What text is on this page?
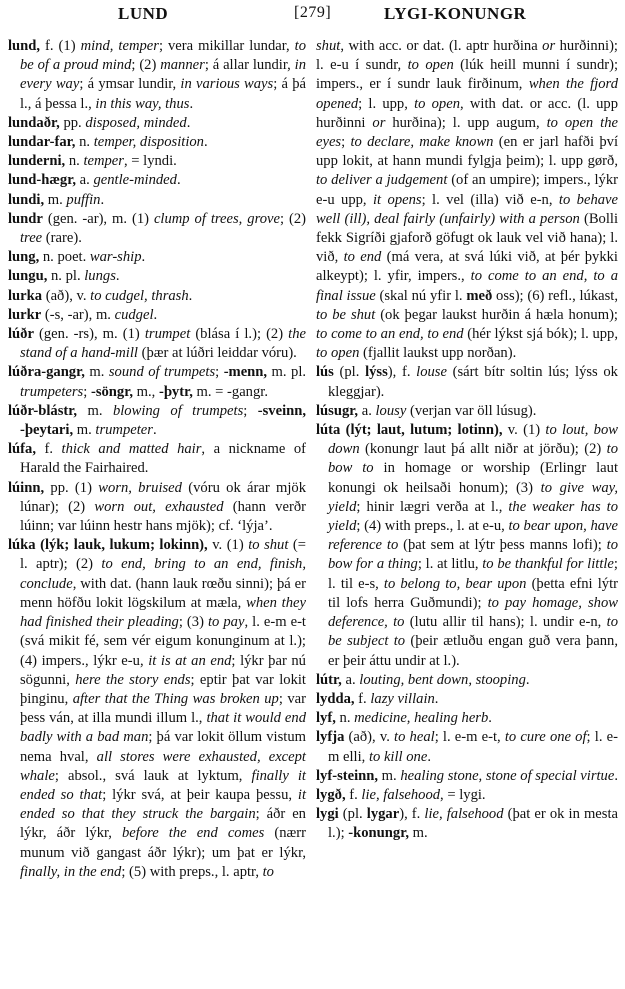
LUND	[279]	LYGI-KONUNGR

lund, f. (1) mind, temper; vera mikillar lundar, to be of a proud mind; (2) manner; á allar lundir, in every way; á ymsar lundir, in various ways; á þá l., á þessa l., in this way, thus.

lundaðr, pp. disposed, minded.

lundar-far, n. temper, disposition.

lunderni, n. temper, = lyndi.

lund-hægr, a. gentle-minded.

lundi, m. puffin.

lundr (gen. -ar), m. (1) clump of trees, grove; (2) tree (rare).

lung, n. poet. war-ship.

lungu, n. pl. lungs.

lurka (að), v. to cudgel, thrash.

lurkr (-s, -ar), m. cudgel.

lúðr (gen. -rs), m. (1) trumpet (blása í l.); (2) the stand of a hand-mill (þær at lúðri leiddar vóru).

lúðra-gangr, m. sound of trumpets; -menn, m. pl. trumpeters; -söngr, m., -þytr, m. = -gangr.

lúðr-blástr, m. blowing of trumpets; -sveinn, -þeytari, m. trumpeter.

lúfa, f. thick and matted hair, a nickname of Harald the Fairhaired.

lúinn, pp. (1) worn, bruised (vóru ok árar mjök lúnar); (2) worn out, exhausted (hann verðr lúinn; var lúinn hestr hans mjök); cf. ‘lýja’.

lúka (lýk; lauk, lukum; lokinn), v. (1) to shut (= l. aptr); (2) to end, bring to an end, finish, conclude, with dat. (hann lauk rœðu sinni); þá er menn höfðu lokit lögskilum at mæla, when they had finished their pleading; (3) to pay, l. e-m e-t (svá mikit fé, sem vér eigum konunginum at l.); (4) impers., lýkr e-u, it is at an end; lýkr þar nú sögunni, here the story ends; eptir þat var lokit þinginu, after that the Thing was broken up; var þess ván, at illa mundi illum l., that it would end badly with a bad man; þá var lokit öllum vistum nema hval, all stores were exhausted, except whale; absol., svá lauk at lyktum, finally it ended so that; lýkr svá, at þeir kaupa þessu, it ended so that they struck the bargain; áðr en lýkr, áðr lýkr, before the end comes (nærr munum við gangast áðr lýkr); um þat er lýkr, finally, in the end; (5) with preps., l. aptr, to

shut, with acc. or dat. (l. aptr hurðina or hurðinni); l. e-u í sundr, to open (lúk heill munni í sundr); impers., er í sundr lauk firðinum, when the fjord opened; l. upp, to open, with dat. or acc. (l. upp hurðinni or hurðina); l. upp augum, to open the eyes; to declare, make known (en er jarl hafði því upp lokit, at hann mundi fylgja þeim); l. upp gørð, to deliver a judgement (of an umpire); impers., lýkr e-u upp, it opens; l. vel (illa) við e-n, to behave well (ill), deal fairly (unfairly) with a person (Bolli fekk Sigríði gjaforð göfugt ok lauk vel við hana); l. við, to end (má vera, at svá lúki við, at þér þykki alkeypt); l. yfir, impers., to come to an end, to a final issue (skal nú yfir l. með oss); (6) refl., lúkast, to be shut (ok þegar laukst hurðin á hæla honum); to come to an end, to end (hér lýkst sjá bók); l. upp, to open (fjallit laukst upp norðan).

lús (pl. lýss), f. louse (sárt bítr soltin lús; lýss ok kleggjar).

lúsugr, a. lousy (verjan var öll lúsug).

lúta (lýt; laut, lutum; lotinn), v. (1) to lout, bow down (konungr laut þá allt niðr at jörðu); (2) to bow to in homage or worship (Erlingr laut konungi ok heilsaði honum); (3) to give way, yield; hinir lægri verða at l., the weaker has to yield; (4) with preps., l. at e-u, to bear upon, have reference to (þat sem at lýtr þess manns lofi); to bow for a thing; l. at litlu, to be thankful for little; l. til e-s, to belong to, bear upon (þetta efni lýtr til lofs herra Guðmundi); to pay homage, show deference, to (lutu allir til hans); l. undir e-n, to be subject to (þeir ætluðu engan guð vera þann, er þeir áttu undir at l.).

lútr, a. louting, bent down, stooping.

lydda, f. lazy villain.

lyf, n. medicine, healing herb.

lyfja (að), v. to heal; l. e-m e-t, to cure one of; l. e-m elli, to kill one.

lyf-steinn, m. healing stone, stone of special virtue.

lygð, f. lie, falsehood, = lygi.

lygi (pl. lygar), f. lie, falsehood (þat er ok in mesta l.); -konungr, m.
